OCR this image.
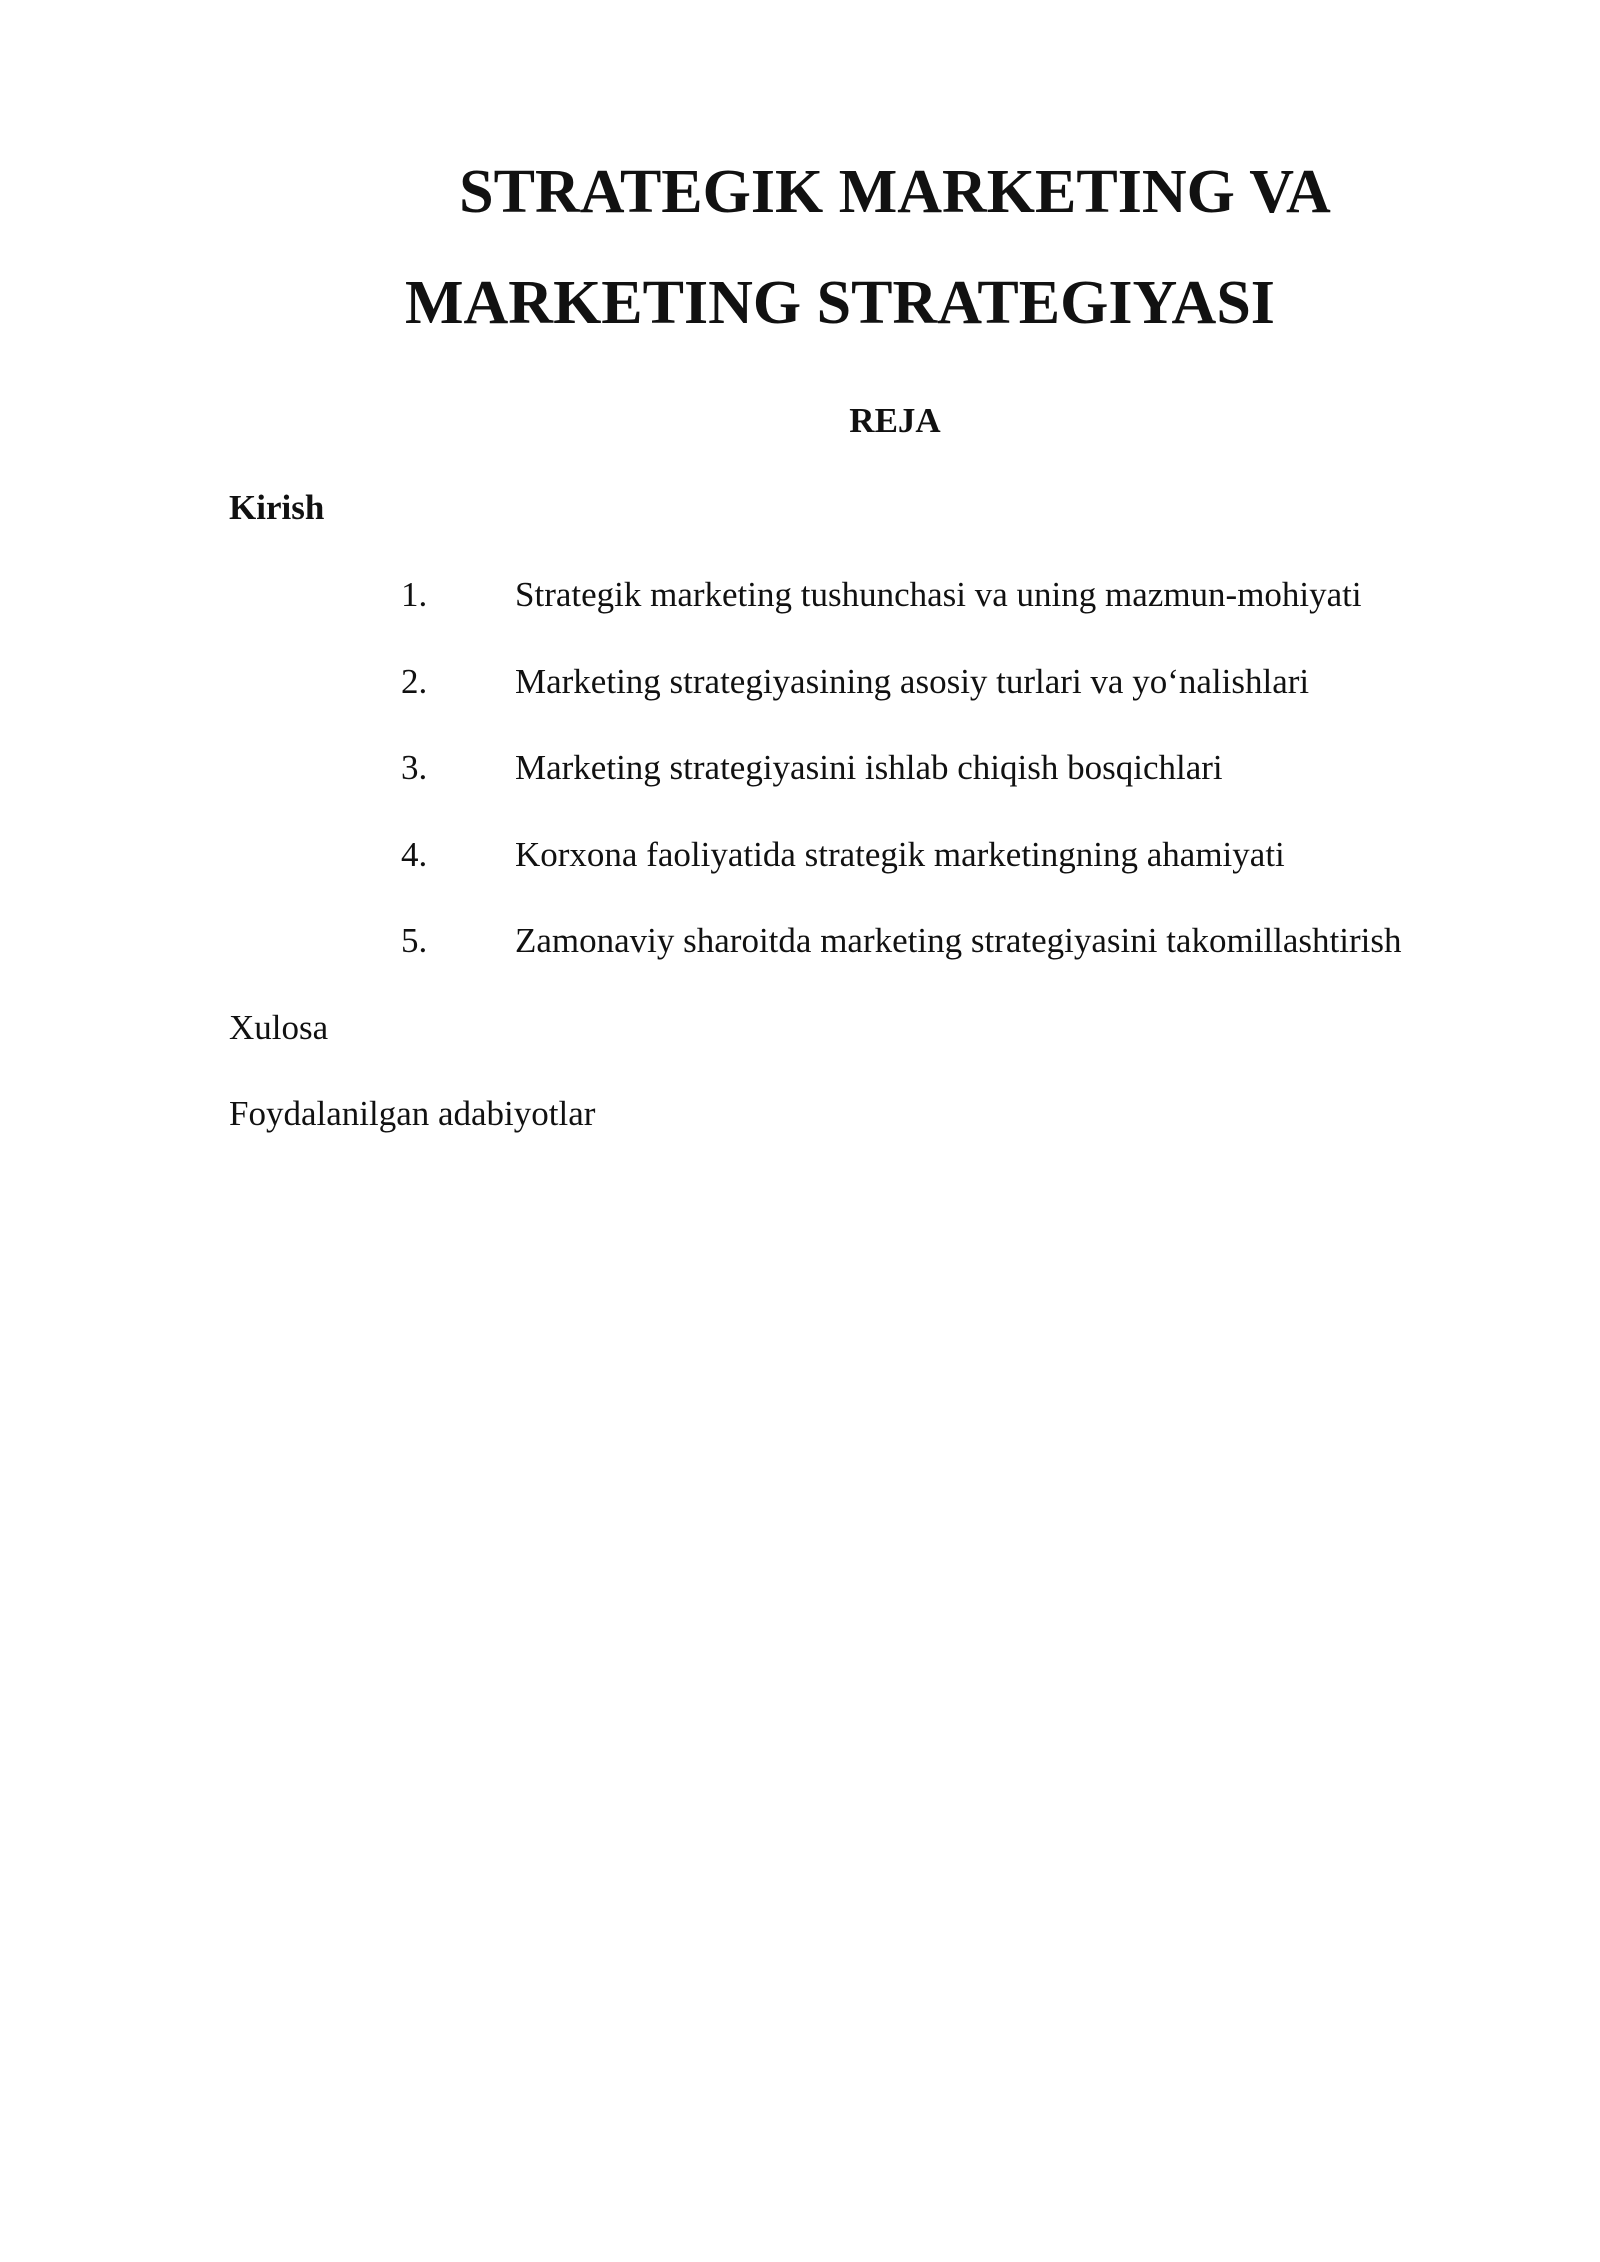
STRATEGIK MARKETING VA
MARKETING STRATEGIYASI
REJA
Kirish
1.	Strategik marketing tushunchasi va uning mazmun-mohiyati
2.	Marketing strategiyasining asosiy turlari va yo‘nalishlari
3.	Marketing strategiyasini ishlab chiqish bosqichlari
4.	Korxona faoliyatida strategik marketingning ahamiyati
5.	Zamonaviy sharoitda marketing strategiyasini takomillashtirish
Xulosa
Foydalanilgan adabiyotlar
